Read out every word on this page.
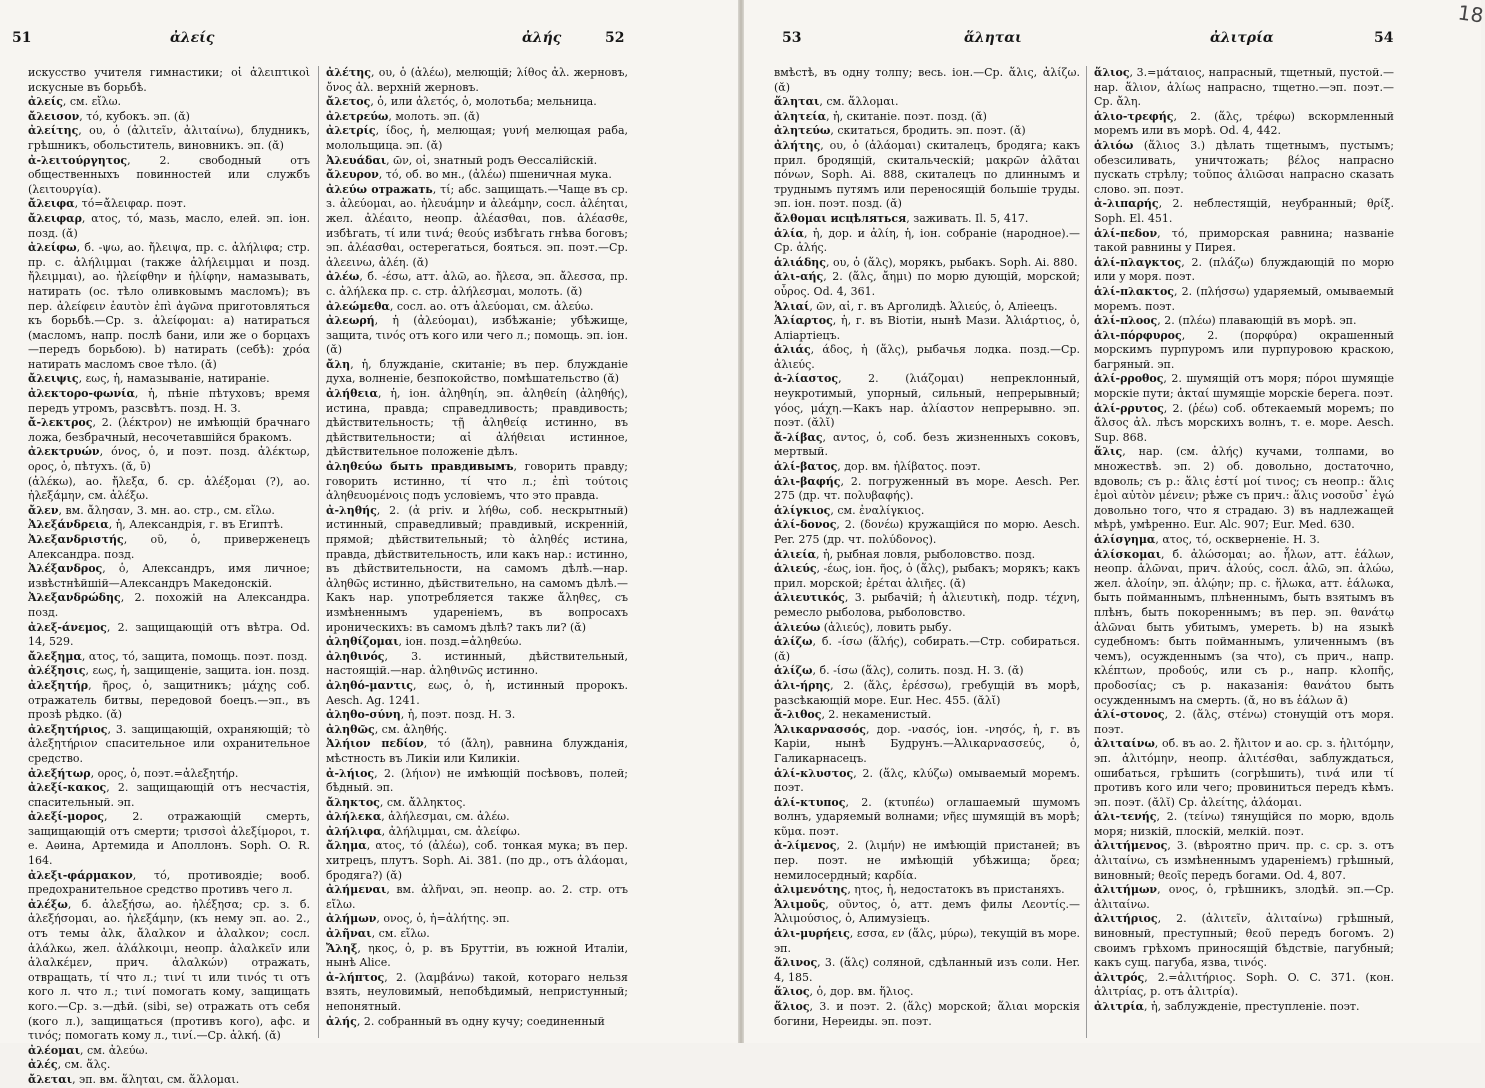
51	ἀλείς	ἀλής	52

искусство учителя гимнастики; οἱ ἀλειπτικοὶ искусные въ борьбѣ.

ἀλείς, см. εἴλω.

ἄλεισον, τό, кубокъ. эп. (ᾰ)

ἀλείτης, ου, ὁ (ἀλιτεῖν, ἀλιταίνω), блудникъ, грѣшникъ, обольститель, виновникъ. эп. (ᾰ)

ἀ-λειτούργητος, 2. свободный отъ общественныхъ повинностей или службъ (λειτουργία).

ἄλειφα, τό=ἄλειφαρ. поэт.

ἄλειφαρ, ατος, τό, мазь, масло, елей. эп. іон. позд. (ᾰ)

ἀλείφω, б. -ψω, ао. ἤλειψα, пр. с. ἀλήλιφα; стр. пр. с. ἀλήλιμμαι (также ἀλήλειμμαι и позд. ἤλειμμαι), ао. ἠλείφθην и ἠλίφην, намазывать, натирать (ос. тѣло оливковымъ масломъ); въ пер. ἀλείφειν ἑαυτὸν ἐπὶ ἀγῶνα приготовляться къ борьбѣ.—Ср. з. ἀλείφομαι: а) натираться (масломъ, напр. послѣ бани, или же о борцахъ—передъ борьбою). b) натирать (себѣ): χρόα натирать масломъ свое тѣло. (ᾰ)

ἄλειψις, εως, ἡ, намазываніе, натираніе.

ἀλεκτορο-φωνία, ἡ, пѣніе пѣтуховъ; время передъ утромъ, разсвѣтъ. позд. Н. З.

ἄ-λεκτρος, 2. (λέκτρον) не имѣющій брачнаго ложа, безбрачный, несочетавшійся бракомъ.

ἀλεκτρυών, όνος, ὁ, и поэт. позд. ἀλέκτωρ, ορος, ὁ, пѣтухъ. (ᾰ, ῡ)

(ἀλέκω), ао. ἤλεξα, б. ср. ἀλέξομαι (?), ао. ἠλεξάμην, см. ἀλέξω.

ἄλεν, вм. ἄλησαν, 3. мн. ао. стр., см. εἴλω.

Ἀλεξάνδρεια, ἡ, Александрія, г. въ Египтѣ.

Ἀλεξανδριστής, οῦ, ὁ, приверженецъ Александра. позд.

Ἀλέξανδρος, ὁ, Александръ, имя личное; извѣстнѣйшій—Александръ Македонскій.

Ἀλεξανδρώδης, 2. похожій на Александра. позд.

ἀλεξ-άνεμος, 2. защищающій отъ вѣтра. Od. 14, 529.

ἄλεξημα, ατος, τό, защита, помощь. поэт. позд.

ἀλέξησις, εως, ἡ, защищеніе, защита. іон. позд.

ἀλεξητήρ, ῆρος, ὁ, защитникъ; μάχης соб. отражатель битвы, передовой боецъ.—эп., въ прозѣ рѣдко. (ᾰ)

ἀλεξητήριος, 3. защищающій, охраняющій; τὸ ἀλεξητήριον спасительное или охранительное средство.

ἀλεξήτωρ, ορος, ὁ, поэт.=ἀλεξητήρ.

ἀλεξί-κακος, 2. защищающій отъ несчастія, спасительный. эп.

ἀλεξί-μορος, 2. отражающій смерть, защищающій отъ смерти; τρισσοὶ ἀλεξίμοροι, т. е. Аѳина, Артемида и Аполлонъ. Soph. O. R. 164.

ἀλεξι-φάρμακον, τό, противоядіе; вооб. предохранительное средство противъ чего л.

ἀλέξω, б. ἀλεξήσω, ао. ἠλέξησα; ср. з. б. ἀλεξήσομαι, ао. ἠλεξάμην, (къ нему эп. ао. 2., отъ темы ἀλκ, ἄλαλκον и ἀλαλκον; сосл. ἀλάλκω, жел. ἀλάλκοιμι, неопр. ἀλαλκεῖν или ἀλαλκέμεν, прич. ἀλαλκών) отражать, отвращать, τί что л.; τινί τι или τινός τι отъ кого л. что л.; τινί помогать кому, защищать кого.—Ср. з.—дѣй. (sibi, se) отражать отъ себя (кого л.), защищаться (противъ кого), афс. и τινός; помогать кому л., τινί.—Ср. ἀλκή. (ᾰ)

ἀλέομαι, см. ἀλεύω.

ἀλές, см. ἅλς.

ἄλεται, эп. вм. ἅληται, см. ἅλλομαι.

ἀλέτης, ου, ὁ (ἀλέω), мелющій; λίθος ἀλ. жерновъ, ὄνος ἀλ. верхній жерновъ.

ἄλετος, ὁ, или ἀλετός, ὁ, молотьба; мельница.

ἀλετρεύω, молоть. эп. (ᾰ)

ἀλετρίς, ίδος, ἡ, мелющая; γυνή мелющая раба, молольщица. эп. (ᾰ)

Ἀλευάδαι, ῶν, οἱ, знатный родъ Ѳессалійскій.

ἄλευρον, τό, об. во мн., (ἀλέω) пшеничная мука.

ἀλεύω отражать, τί; абс. защищать.—Чаще въ ср. з. ἀλεύομαι, ао. ἠλευάμην и ἀλεάμην, сосл. ἀλέηται, жел. ἀλέαιτο, неопр. ἀλέασθαι, пов. ἀλέασθε, избѣгать, τί или τινά; θεούς избѣгать гнѣва боговъ; эп. ἀλέασθαι, остерегаться, бояться. эп. поэт.—Ср. ἀλεεινω, ἀλέη. (ᾰ)

ἀλέω, б. -έσω, атт. ἀλῶ, ао. ἤλεσα, эп. ἄλεσσα, пр. с. ἀλήλεκα пр. с. стр. ἀλήλεσμαι, молоть. (ᾰ)

ἀλεώμεθα, сосл. ао. отъ ἀλεύομαι, см. ἀλεύω.

ἀλεωρή, ἡ (ἀλεύομαι), избѣжаніе; убѣжище, защита, τινός отъ кого или чего л.; помощь. эп. іон. (ᾰ)

ἄλη, ἡ, блужданіе, скитаніе; въ пер. блужданіе духа, волненіе, безпокойство, помѣшательство (ᾰ)

ἀλήθεια, ἡ, іон. ἀληθηίη, эп. ἀληθείη (ἀληθής), истина, правда; справедливость; правдивость; дѣйствительность; τῇ ἀληθείᾳ истинно, въ дѣйствительности; αἱ ἀλήθειαι истинное, дѣйствительное положеніе дѣлъ.

ἀληθεύω быть правдивымъ, говорить правду; говорить истинно, τί что л.; ἐπὶ τούτοις ἀληθευομένοις подъ условіемъ, что это правда.

ἀ-ληθής, 2. (ἀ priv. и λήθω, соб. нескрытный) истинный, справедливый; правдивый, искренній, прямой; дѣйствительный; τὸ ἀληθές истина, правда, дѣйствительность, или какъ нар.: истинно, въ дѣйствительности, на самомъ дѣлѣ.—нар. ἀληθῶς истинно, дѣйствительно, на самомъ дѣлѣ.—Какъ нар. употребляется также ἄληθες, съ измѣненнымъ удареніемъ, въ вопросахъ ироническихъ: въ самомъ дѣлѣ? такъ ли? (ᾰ)

ἀληθίζομαι, іон. позд.=ἀληθεύω.

ἀληθινός, 3. истинный, дѣйствительный, настоящій.—нар. ἀληθινῶς истинно.

ἀληθό-μαντις, εως, ὁ, ἡ, истинный пророкъ. Aesch. Ag. 1241.

ἀληθο-σύνη, ἡ, поэт. позд. Н. З.

ἀληθῶς, см. ἀληθής.

Ἀλήιον πεδίον, τό (ἄλη), равнина блужданія, мѣстность въ Ликіи или Киликіи.

ἀ-λήιος, 2. (λήιον) не имѣющій посѣвовъ, полей; бѣдный. эп.

ἄληκτος, см. ἄλληκτος.

ἀλήλεκα, ἀλήλεσμαι, см. ἀλέω.

ἀλήλιφα, ἀλήλιμμαι, см. ἀλείφω.

ἄλημα, ατος, τό (ἀλέω), соб. тонкая мука; въ пер. хитрецъ, плутъ. Soph. Ai. 381. (по др., отъ ἀλάομαι, бродяга?) (ᾰ)

ἀλήμεναι, вм. ἀλῆναι, эп. неопр. ао. 2. стр. отъ εἴλω.

ἀλήμων, ονος, ὁ, ἡ=ἀλήτης. эп.

ἀλῆναι, см. εἴλω.

Ἄληξ, ηκος, ὁ, р. въ Бруттіи, въ южной Италіи, нынѣ Alice.

ἀ-λήπτος, 2. (λαμβάνω) такой, котораго нельзя взять, неуловимый, непобѣдимый, непристунный; непонятный.

ἀλής, 2. собранный въ одну кучу; соединенный

53	ἅληται	ἀλιτρία	54

вмѣстѣ, въ одну толпу; весь. іон.—Ср. ἅλις, ἀλίζω. (ᾰ)

ἅληται, см. ἅλλομαι.

ἀλητεία, ἡ, скитаніе. поэт. позд. (ᾰ)

ἀλητεύω, скитаться, бродить. эп. поэт. (ᾰ)

ἀλήτης, ου, ὁ (ἀλάομαι) скиталецъ, бродяга; какъ прил. бродящій, скитальческій; μακρῶν ἀλᾶται πόνων, Soph. Ai. 888, скиталецъ по длиннымъ и труднымъ путямъ или переносящій большіе труды. эп. іон. поэт. позд. (ᾰ)

ἄλθομαι исцѣляться, заживать. Il. 5, 417.

ἁλία, ἡ, дор. и ἀλίη, ἡ, іон. собраніе (народное).—Ср. ἀλής.

ἁλιάδης, ου, ὁ (ἅλς), морякъ, рыбакъ. Soph. Ai. 880.

ἁλι-αής, 2. (ἅλς, ἄημι) по морю дующій, морской; οὖρος. Od. 4, 361.

Ἁλιαί, ῶν, αἱ, г. въ Арголидѣ. Ἁλιεύς, ὁ, Аліеецъ.

Ἁλίαρτος, ἡ, г. въ Віотіи, нынѣ Мази. Ἁλιάρτιος, ὁ, Аліартіецъ.

ἁλιάς, άδος, ἡ (ἅλς), рыбачья лодка. позд.—Ср. ἀλιεύς.

ἀ-λίαστος, 2. (λιάζομαι) непреклонный, неукротимый, упорный, сильный, непрерывный; γόος, μάχη.—Какъ нар. ἀλίαστον непрерывно. эп. поэт. (ᾰλῐ)

ἄ-λίβας, αντος, ὁ, соб. безъ жизненныхъ соковъ, мертвый.

ἁλί-βατος, дор. вм. ἠλίβατος. поэт.

ἁλι-βαφής, 2. погруженный въ море. Aesch. Per. 275 (др. чт. πολυβαφής).

ἁλίγκιος, см. ἐναλίγκιος.

ἁλί-δονος, 2. (δονέω) кружащійся по морю. Aesch. Per. 275 (др. чт. πολύδονος).

ἁλιεία, ἡ, рыбная ловля, рыболовство. позд.

ἁλιεύς, -έως, іон. ῆος, ὁ (ἅλς), рыбакъ; морякъ; какъ прил. морской; ἐρέται ἀλιῆες. (ᾰ)

ἁλιευτικός, 3. рыбачій; ἡ ἁλιευτικὴ, подр. τέχνη, ремесло рыболова, рыболовство.

ἁλιεύω (ἀλιεύς), ловить рыбу.

ἁλίζω, б. -ίσω (ἅλής), собирать.—Стр. собираться. (ᾰ)

ἁλίζω, б. -ίσω (ἅλς), солить. позд. Н. З. (ᾰ)

ἁλι-ήρης, 2. (ἅλς, ἐρέσσω), гребущій въ морѣ, разсѣкающій море. Eur. Hec. 455. (ᾰλῐ)

ἄ-λιθος, 2. некаменистый.

Ἁλικαρνασσός, дор. -νασός, іон. -νησός, ἡ, г. въ Каріи, нынѣ Будрунъ.—Ἁλικαρνασσεύς, ὁ, Галикарнасецъ.

ἁλί-κλυστος, 2. (ἅλς, κλύζω) омываемый моремъ. поэт.

ἁλί-κτυπος, 2. (κτυπέω) оглашаемый шумомъ волнъ, ударяемый волнами; νῆες шумящій въ морѣ; κῦμα. поэт.

ἀ-λίμενος, 2. (λιμήν) не имѣющій пристаней; въ пер. поэт. не имѣющій убѣжища; ὄρεα; немилосердный; καρδία.

ἀλιμενότης, ητος, ἡ, недостатокъ въ пристаняхъ.

Ἁλιμοῦς, οῦντος, ὁ, атт. демъ филы Λεοντίς.—Ἁλιμούσιος, ὁ, Алимузіецъ.

ἁλι-μυρήεις, εσσα, εν (ἅλς, μύρω), текущій въ море. эп.

ἅλινος, 3. (ἅλς) соляной, сдѣланный изъ соли. Her. 4, 185.

ἅλιος, ὁ, дор. вм. ἥλιος.

ἅλιος, 3. и поэт. 2. (ἅλς) морской; ἅλιαι морскія богини, Нереиды. эп. поэт.

ἅλιος, 3.=μάταιος, напрасный, тщетный, пустой.—нар. ἅλιον, ἁλίως напрасно, тщетно.—эп. поэт.—Ср. ἄλη.

ἁλιο-τρεφής, 2. (ἅλς, τρέφω) вскормленный моремъ или въ морѣ. Od. 4, 442.

ἁλιόω (ἅλιος 3.) дѣлать тщетнымъ, пустымъ; обезсиливать, уничтожать; βέλος напрасно пускать стрѣлу; τοῦπος ἁλιῶσαι напрасно сказать слово. эп. поэт.

ἀ-λιπαρής, 2. неблестящій, неубранный; θρίξ. Soph. El. 451.

ἁλί-πεδον, τό, приморская равнина; названіе такой равнины у Пирея.

ἁλί-πλαγκτος, 2. (πλάζω) блуждающій по морю или у моря. поэт.

ἁλί-πλακτος, 2. (πλήσσω) ударяемый, омываемый моремъ. поэт.

ἁλί-πλοος, 2. (πλέω) плавающій въ морѣ. эп.

ἁλι-πόρφυρος, 2. (πορφύρα) окрашенный морскимъ пурпуромъ или пурпуровою краскою, багряный. эп.

ἁλί-ρροθος, 2. шумящій отъ моря; πόροι шумящіе морскіе пути; ἀκταί шумящіе морскіе берега. поэт.

ἁλί-ρρυτος, 2. (ῥέω) соб. обтекаемый моремъ; по ἄλσος ἀλ. лѣсъ морскихъ волнъ, т. е. море. Aesch. Sup. 868.

ἅλις, нар. (см. ἀλής) кучами, толпами, во множествѣ. эп. 2) об. довольно, достаточно, вдоволь; съ р.: ἅλις ἐστί μοί τινος; съ неопр.: ἅλις ἐμοὶ αὐτὸν μένειν; рѣже съ прич.: ἅλις νοσοῦσ᾽ ἐγώ довольно того, что я страдаю. 3) въ надлежащей мѣрѣ, умѣренно. Eur. Alc. 907; Eur. Med. 630.

ἁλίσγημα, ατος, τό, оскверненіе. Н. З.

ἁλίσκομαι, б. ἁλώσομαι; ао. ἧλων, атт. ἑάλων, неопр. ἁλῶναι, прич. ἁλούς, сосл. ἁλῶ, эп. ἀλώω, жел. ἁλοίην, эп. ἁλῴην; пр. с. ἥλωκα, атт. ἑάλωκα, быть пойманнымъ, плѣненнымъ, быть взятымъ въ плѣнъ, быть покореннымъ; въ пер. эп. θανάτῳ ἁλῶναι быть убитымъ, умереть. b) на языкѣ судебномъ: быть пойманнымъ, уличеннымъ (въ чемъ), осужденнымъ (за что), съ прич., напр. κλέπτων, προδούς, или съ р., напр. κλοπῆς, προδοσίας; съ р. наказанія: θανάτου быть осужденнымъ на смерть. (ᾰ, но въ ἑάλων ᾱ)

ἁλί-στονος, 2. (ἅλς, στένω) стонущій отъ моря. поэт.

ἀλιταίνω, об. въ ао. 2. ἤλιτον и ао. ср. з. ἠλιτόμην, эп. ἀλιτόμην, неопр. ἀλιτέσθαι, заблуждаться, ошибаться, грѣшить (согрѣшить), τινά или τί противъ кого или чего; провиниться передъ кѣмъ. эп. поэт. (ᾰλῐ) Ср. ἀλείτης, ἀλάομαι.

ἁλι-τενής, 2. (τείνω) тянущійся по морю, вдоль моря; низкій, плоскій, мелкій. поэт.

ἀλιτήμενος, 3. (вѣроятно прич. пр. с. ср. з. отъ ἀλιταίνω, съ измѣненнымъ удареніемъ) грѣшный, виновный; θεοῖς передъ богами. Od. 4, 807.

ἀλιτήμων, ονος, ὁ, грѣшникъ, злодѣй. эп.—Ср. ἀλιταίνω.

ἀλιτήριος, 2. (ἀλιτεῖν, ἀλιταίνω) грѣшный, виновный, преступный; θεοῦ передъ богомъ. 2) своимъ грѣхомъ приносящій бѣдствіе, пагубный; какъ сущ. пагуба, язва, τινός.

ἀλιτρός, 2.=ἀλιτήριος. Soph. O. C. 371. (кон. ἀλιτρίας, р. отъ ἀλιτρία).

ἀλιτρία, ἡ, заблужденіе, преступленіе. поэт.

18
